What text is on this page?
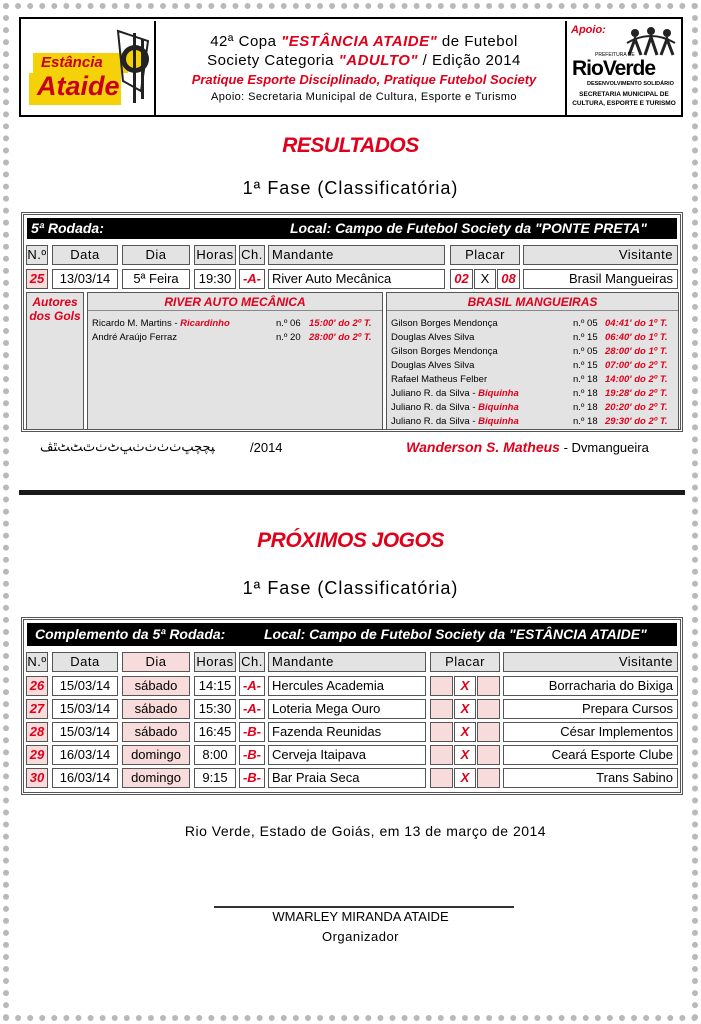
Estância
Ataide
42ª Copa "ESTÂNCIA ATAIDE" de Futebol
Society Categoria "ADULTO" / Edição 2014
Pratique Esporte Disciplinado, Pratique Futebol Society
Apoio: Secretaria Municipal de Cultura, Esporte e Turismo
Apoio:
PREFEITURA DE
RioVerde
DESENVOLVIMENTO SOLIDÁRIO
SECRETARIA MUNICIPAL DE
CULTURA, ESPORTE E TURISMO
RESULTADOS
1ª Fase (Classificatória)
5ª Rodada:	Local: Campo de Futebol Society da "PONTE PRETA"
N.º	Data	Dia	Horas Ch. Mandante	Placar	Visitante
25	13/03/14	5ª Feira	19:30 -A- River Auto Mecânica	02 X 08	Brasil Mangueiras
Autores
dos Gols
RIVER AUTO MECÂNICA
Ricardo M. Martins - Ricardinho	n.º 06 15:00' do 2º T.
André Araújo Ferraz	n.º 20 28:00' do 2º T.
BRASIL MANGUEIRAS
Gilson Borges Mendonça	n.º 05 04:41' do 1º T.
Douglas Alves Silva	n.º 15 06:40' do 1º T.
Gilson Borges Mendonça	n.º 05 28:00' do 1º T.
Douglas Alves Silva	n.º 15 07:00' do 2º T.
Rafael Matheus Felber	n.º 18 14:00' do 2º T.
Juliano R. da Silva - Biquinha	n.º 18 19:28' do 2º T.
Juliano R. da Silva - Biquinha	n.º 18 20:20' do 2º T.
Juliano R. da Silva - Biquinha	n.º 18 29:30' do 2º T.
ﭙﭽﭽﭛﭞﭞﭞﭞﭛﭦﭞﭢﭧﭧﭥﭫ	/2014	Wanderson S. Matheus - Dvmangueira
PRÓXIMOS JOGOS
1ª Fase (Classificatória)
Complemento da 5ª Rodada:	Local: Campo de Futebol Society da "ESTÂNCIA ATAIDE"
N.º	Data	Dia	Horas Ch. Mandante	Placar	Visitante
26	15/03/14	sábado	14:15 -A- Hercules Academia	X	Borracharia do Bixiga
27	15/03/14	sábado	15:30 -A- Loteria Mega Ouro	X	Prepara Cursos
28	15/03/14	sábado	16:45 -B- Fazenda Reunidas	X	César Implementos
29	16/03/14	domingo	8:00	-B- Cerveja Itaipava	X	Ceará Esporte Clube
30	16/03/14	domingo	9:15	-B- Bar Praia Seca	X	Trans Sabino
Rio Verde, Estado de Goiás, em 13 de março de 2014
WMARLEY MIRANDA ATAIDE
Organizador
